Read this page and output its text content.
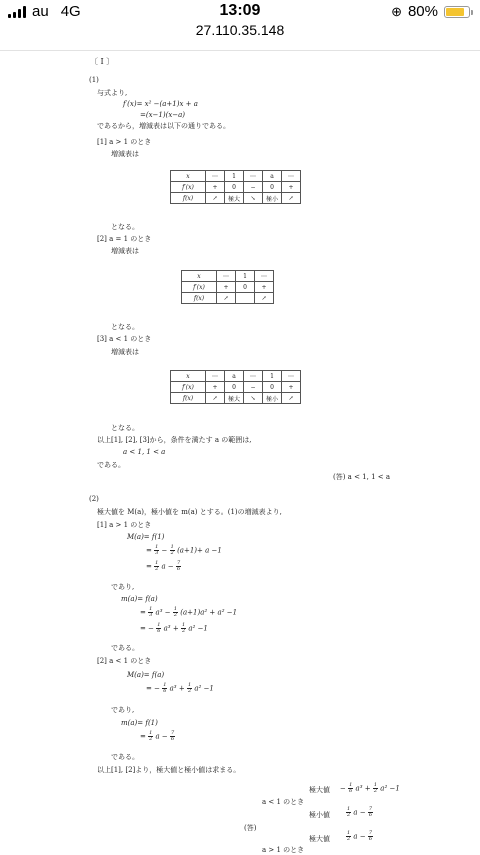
au 4G	13:09	⊕ 80%
27.110.35.148
〔 I 〕
(1)
与式より,
f′(x)= x² −(a+1)x + a
=(x−1)(x−a)
であるから，増減表は以下の通りである。
[1] a > 1 のとき
増減表は
x	⋯	1	⋯	a	⋯
f′(x)	+	0	−	0	+
f(x)	↗	極大	↘	極小	↗
となる。
[2] a = 1 のとき
増減表は
x	⋯	1	⋯
f′(x)	+	0	+
f(x)	↗		↗
となる。
[3] a < 1 のとき
増減表は
x	⋯	a	⋯	1	⋯
f′(x)	+	0	−	0	+
f(x)	↗	極大	↘	極小	↗
となる。
以上[1], [2], [3]から，条件を満たす a の範囲は,
a < 1, 1 < a
である。
(答) a < 1, 1 < a
(2)
極大値を M(a)，極小値を m(a) とする。(1)の増減表より,
[1] a > 1 のとき
M(a)= f(1)
= $\frac{1}{3} - \frac{1}{2} (a+1)+ a -1$
= $\frac{1}{2}$ $a - \frac{7}{6}$
であり,
m(a)= f(a)
= $\frac{1}{3} a^3 - \frac{1}{2} (a+1)a^2 + a^2 -1$
= − $\frac{1}{6} a^3 + \frac{1}{2} a^2 -1$
である。
[2] a < 1 のとき
M(a)= f(a)
= − $\frac{1}{6} a^3 + \frac{1}{2} a^2 -1$
であり,
m(a)= f(1)
= $\frac{1}{2}$ $a - \frac{7}{6}$
である。
以上[1], [2]より，極大値と極小値は求まる。
極大値 − $\frac{1}{6} a^3 + \frac{1}{2} a^2 -1$
a < 1 のとき
極小値	$\frac{1}{2}$ $a - \frac{7}{6}$
(答)
極大値	$\frac{1}{2}$ $a - \frac{7}{6}$
a > 1 のとき
